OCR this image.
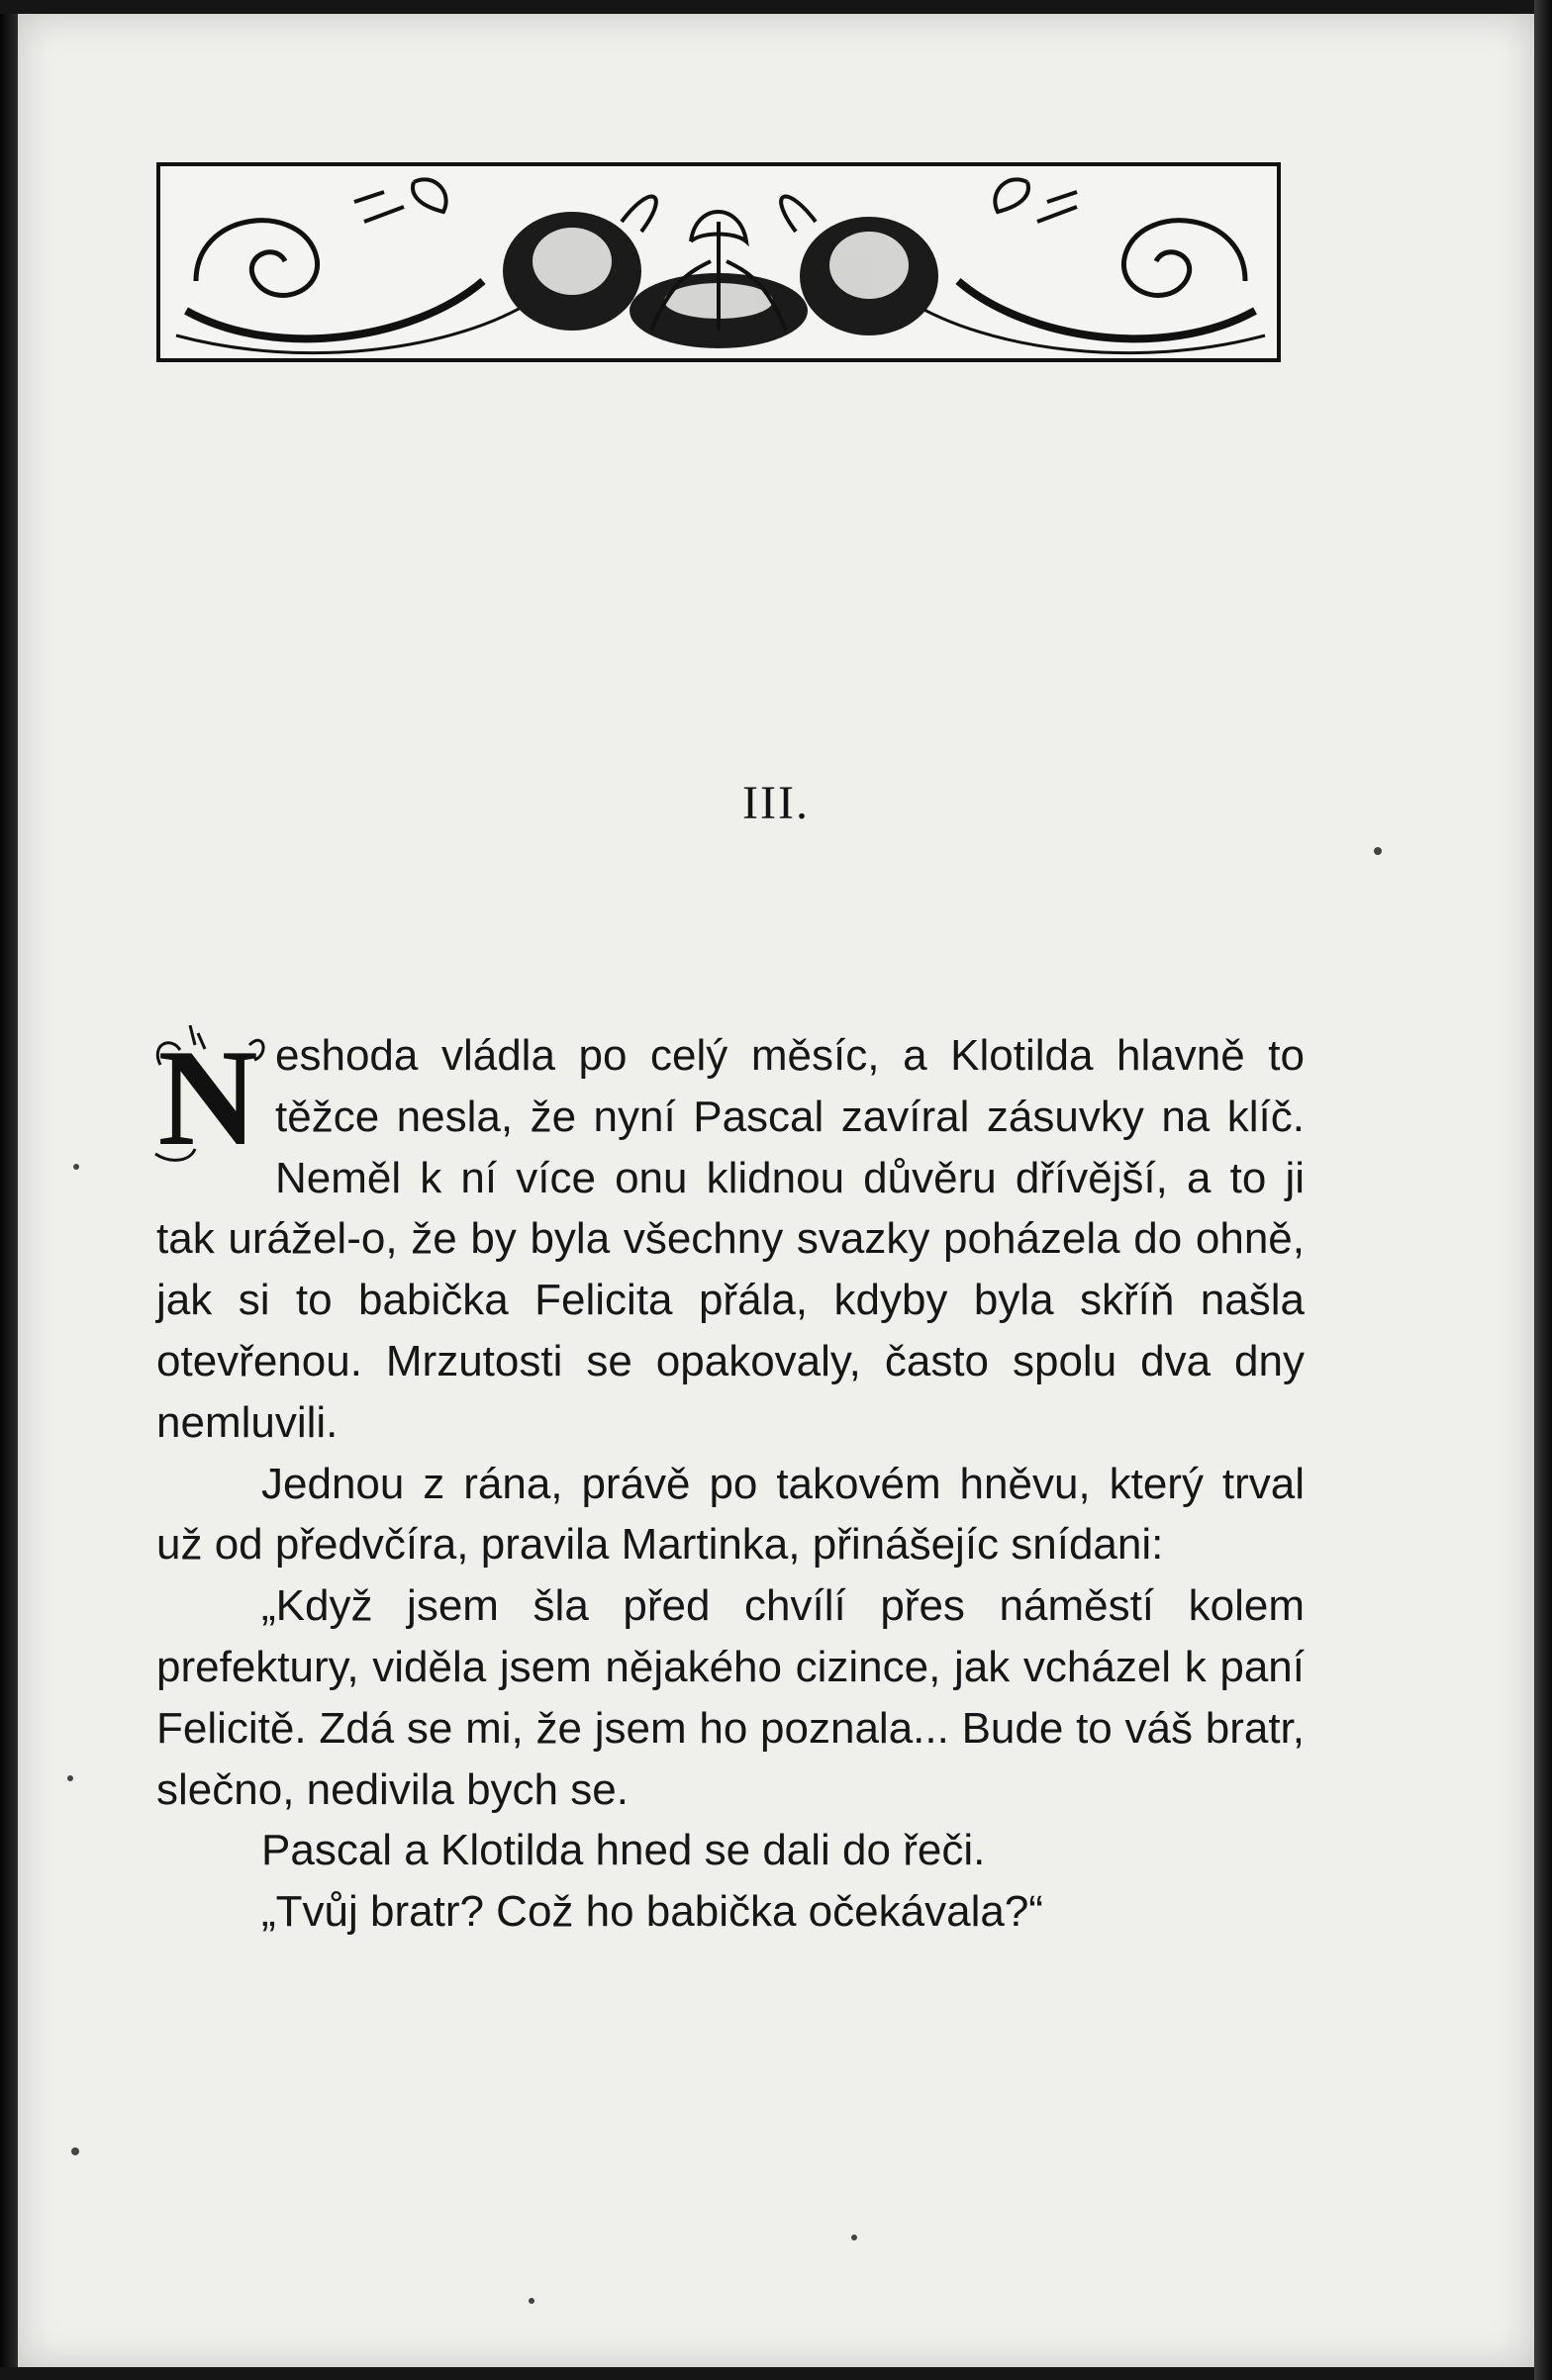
III.
N eshoda vládla po celý měsíc, a Klotilda hlavně to těžce nesla, že nyní Pascal zavíral zásuvky na klíč. Neměl k ní více onu klidnou důvěru dřívější, a to ji tak urážel-o, že by byla všechny svazky poházela do ohně, jak si to babička Felicita přála, kdyby byla skříň našla otevřenou. Mrzutosti se opakovaly, často spolu dva dny nemluvili.

Jednou z rána, právě po takovém hněvu, který trval už od předvčíra, pravila Martinka, přinášejíc snídani:

„Když jsem šla před chvílí přes náměstí kolem prefektury, viděla jsem nějakého cizince, jak vcházel k paní Felicitě. Zdá se mi, že jsem ho poznala... Bude to váš bratr, slečno, nedivila bych se.

Pascal a Klotilda hned se dali do řeči.

„Tvůj bratr? Což ho babička očekávala?“
